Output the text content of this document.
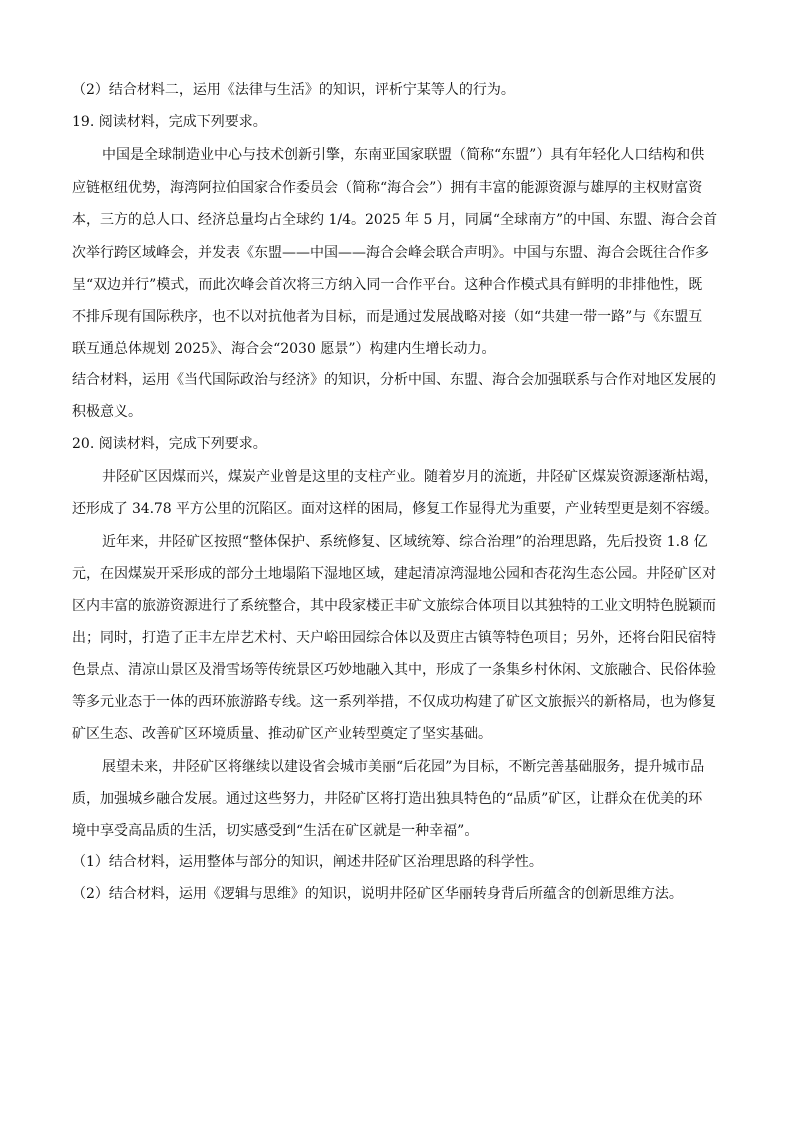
（2）结合材料二，运用《法律与生活》的知识，评析宁某等人的行为。
19. 阅读材料，完成下列要求。
中国是全球制造业中心与技术创新引擎，东南亚国家联盟（简称“东盟”）具有年轻化人口结构和供
应链枢纽优势，海湾阿拉伯国家合作委员会（简称“海合会”）拥有丰富的能源资源与雄厚的主权财富资
本，三方的总人口、经济总量均占全球约 1/4。2025 年 5 月，同属“全球南方”的中国、东盟、海合会首
次举行跨区域峰会，并发表《东盟——中国——海合会峰会联合声明》。中国与东盟、海合会既往合作多
呈“双边并行”模式，而此次峰会首次将三方纳入同一合作平台。这种合作模式具有鲜明的非排他性，既
不排斥现有国际秩序，也不以对抗他者为目标，而是通过发展战略对接（如“共建一带一路”与《东盟互
联互通总体规划 2025》、海合会“2030 愿景”）构建内生增长动力。
结合材料，运用《当代国际政治与经济》的知识，分析中国、东盟、海合会加强联系与合作对地区发展的
积极意义。
20. 阅读材料，完成下列要求。
井陉矿区因煤而兴，煤炭产业曾是这里的支柱产业。随着岁月的流逝，井陉矿区煤炭资源逐渐枯竭，
还形成了 34.78 平方公里的沉陷区。面对这样的困局，修复工作显得尤为重要，产业转型更是刻不容缓。
近年来，井陉矿区按照“整体保护、系统修复、区域统筹、综合治理”的治理思路，先后投资 1.8 亿
元，在因煤炭开采形成的部分土地塌陷下湿地区域，建起清凉湾湿地公园和杏花沟生态公园。井陉矿区对
区内丰富的旅游资源进行了系统整合，其中段家楼正丰矿文旅综合体项目以其独特的工业文明特色脱颖而
出；同时，打造了正丰左岸艺术村、天户峪田园综合体以及贾庄古镇等特色项目；另外，还将台阳民宿特
色景点、清凉山景区及滑雪场等传统景区巧妙地融入其中，形成了一条集乡村休闲、文旅融合、民俗体验
等多元业态于一体的西环旅游路专线。这一系列举措，不仅成功构建了矿区文旅振兴的新格局，也为修复
矿区生态、改善矿区环境质量、推动矿区产业转型奠定了坚实基础。
展望未来，井陉矿区将继续以建设省会城市美丽“后花园”为目标，不断完善基础服务，提升城市品
质，加强城乡融合发展。通过这些努力，井陉矿区将打造出独具特色的“品质”矿区，让群众在优美的环
境中享受高品质的生活，切实感受到“生活在矿区就是一种幸福”。
（1）结合材料，运用整体与部分的知识，阐述井陉矿区治理思路的科学性。
（2）结合材料，运用《逻辑与思维》的知识，说明井陉矿区华丽转身背后所蕴含的创新思维方法。
